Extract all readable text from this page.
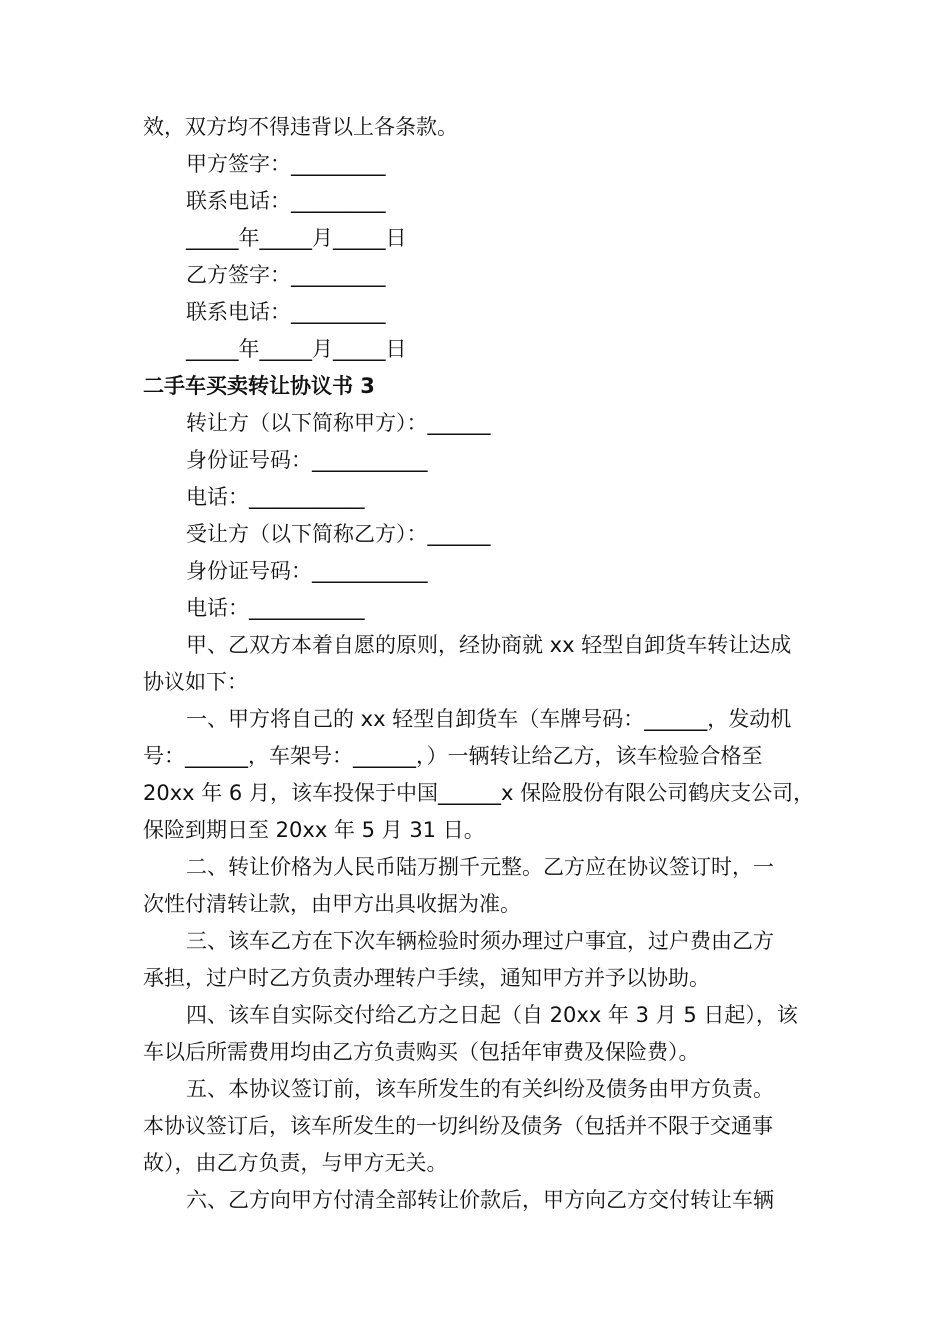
效，双方均不得违背以上各条款。
甲方签字：_________
联系电话：_________
_____年_____月_____日
乙方签字：_________
联系电话：_________
_____年_____月_____日
二手车买卖转让协议书 3
转让方（以下简称甲方）：______
身份证号码：___________
电话：___________
受让方（以下简称乙方）：______
身份证号码：___________
电话：___________
甲、乙双方本着自愿的原则，经协商就 xx 轻型自卸货车转让达成
协议如下：
一、甲方将自己的 xx 轻型自卸货车（车牌号码：______，发动机
号：______，车架号：______，）一辆转让给乙方，该车检验合格至
20xx 年 6 月，该车投保于中国______x 保险股份有限公司鹤庆支公司，
保险到期日至 20xx 年 5 月 31 日。
二、转让价格为人民币陆万捌千元整。乙方应在协议签订时，一
次性付清转让款，由甲方出具收据为准。
三、该车乙方在下次车辆检验时须办理过户事宜，过户费由乙方
承担，过户时乙方负责办理转户手续，通知甲方并予以协助。
四、该车自实际交付给乙方之日起（自 20xx 年 3 月 5 日起），该
车以后所需费用均由乙方负责购买（包括年审费及保险费）。
五、本协议签订前，该车所发生的有关纠纷及债务由甲方负责。
本协议签订后，该车所发生的一切纠纷及债务（包括并不限于交通事
故），由乙方负责，与甲方无关。
六、乙方向甲方付清全部转让价款后，甲方向乙方交付转让车辆
